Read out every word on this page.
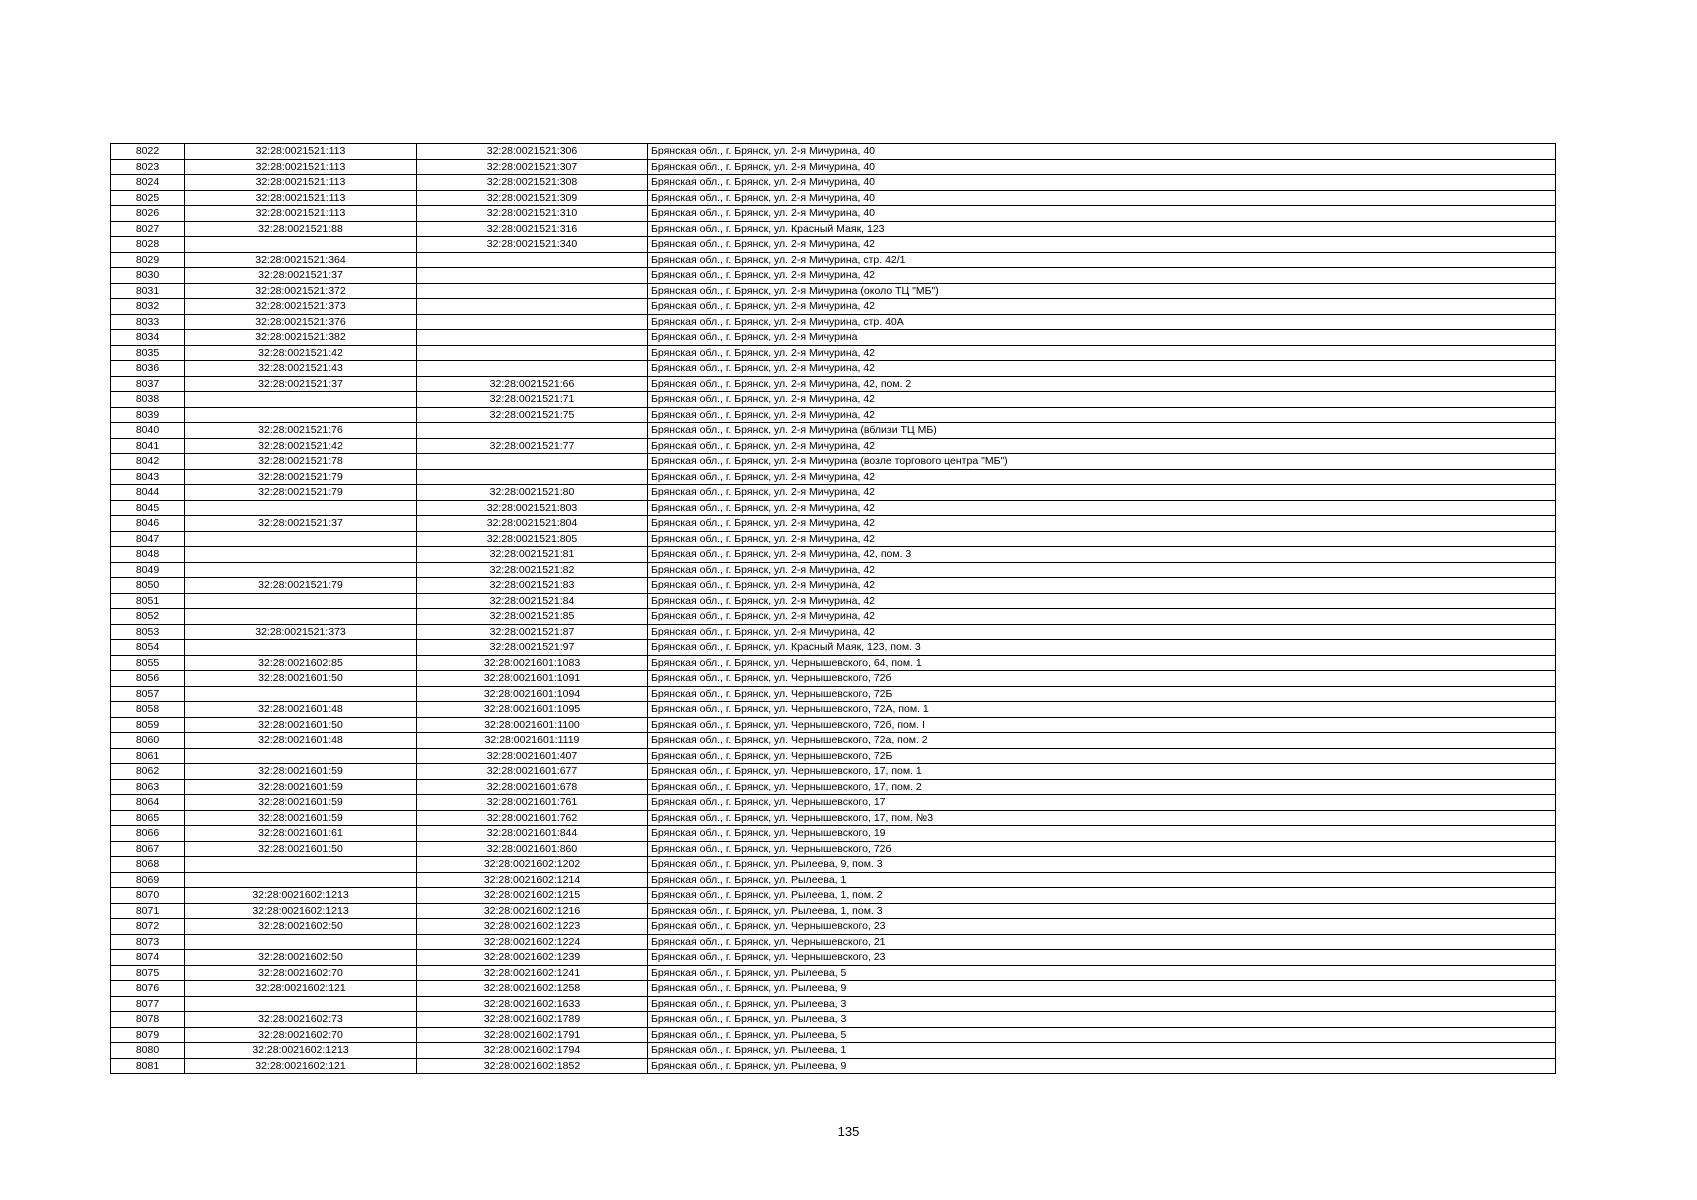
8022	32:28:0021521:113	32:28:0021521:306	Брянская обл., г. Брянск, ул. 2-я Мичурина, 40
8023	32:28:0021521:113	32:28:0021521:307	Брянская обл., г. Брянск, ул. 2-я Мичурина, 40
8024	32:28:0021521:113	32:28:0021521:308	Брянская обл., г. Брянск, ул. 2-я Мичурина, 40
8025	32:28:0021521:113	32:28:0021521:309	Брянская обл., г. Брянск, ул. 2-я Мичурина, 40
8026	32:28:0021521:113	32:28:0021521:310	Брянская обл., г. Брянск, ул. 2-я Мичурина, 40
8027	32:28:0021521:88	32:28:0021521:316	Брянская обл., г. Брянск, ул. Красный Маяк, 123
8028		32:28:0021521:340	Брянская обл., г. Брянск, ул. 2-я Мичурина, 42
8029	32:28:0021521:364		Брянская обл., г. Брянск, ул. 2-я Мичурина, стр. 42/1
8030	32:28:0021521:37		Брянская обл., г. Брянск, ул. 2-я Мичурина, 42
8031	32:28:0021521:372		Брянская обл., г. Брянск, ул. 2-я Мичурина (около ТЦ "МБ")
8032	32:28:0021521:373		Брянская обл., г. Брянск, ул. 2-я Мичурина, 42
8033	32:28:0021521:376		Брянская обл., г. Брянск, ул. 2-я Мичурина, стр. 40А
8034	32:28:0021521:382		Брянская обл., г. Брянск, ул. 2-я Мичурина
8035	32:28:0021521:42		Брянская обл., г. Брянск, ул. 2-я Мичурина, 42
8036	32:28:0021521:43		Брянская обл., г. Брянск, ул. 2-я Мичурина, 42
8037	32:28:0021521:37	32:28:0021521:66	Брянская обл., г. Брянск, ул. 2-я Мичурина, 42, пом. 2
8038		32:28:0021521:71	Брянская обл., г. Брянск, ул. 2-я Мичурина, 42
8039		32:28:0021521:75	Брянская обл., г. Брянск, ул. 2-я Мичурина, 42
8040	32:28:0021521:76		Брянская обл., г. Брянск, ул. 2-я Мичурина (вблизи ТЦ МБ)
8041	32:28:0021521:42	32:28:0021521:77	Брянская обл., г. Брянск, ул. 2-я Мичурина, 42
8042	32:28:0021521:78		Брянская обл., г. Брянск, ул. 2-я Мичурина (возле торгового центра "МБ")
8043	32:28:0021521:79		Брянская обл., г. Брянск, ул. 2-я Мичурина, 42
8044	32:28:0021521:79	32:28:0021521:80	Брянская обл., г. Брянск, ул. 2-я Мичурина, 42
8045		32:28:0021521:803	Брянская обл., г. Брянск, ул. 2-я Мичурина, 42
8046	32:28:0021521:37	32:28:0021521:804	Брянская обл., г. Брянск, ул. 2-я Мичурина, 42
8047		32:28:0021521:805	Брянская обл., г. Брянск, ул. 2-я Мичурина, 42
8048		32:28:0021521:81	Брянская обл., г. Брянск, ул. 2-я Мичурина, 42, пом. 3
8049		32:28:0021521:82	Брянская обл., г. Брянск, ул. 2-я Мичурина, 42
8050	32:28:0021521:79	32:28:0021521:83	Брянская обл., г. Брянск, ул. 2-я Мичурина, 42
8051		32:28:0021521:84	Брянская обл., г. Брянск, ул. 2-я Мичурина, 42
8052		32:28:0021521:85	Брянская обл., г. Брянск, ул. 2-я Мичурина, 42
8053	32:28:0021521:373	32:28:0021521:87	Брянская обл., г. Брянск, ул. 2-я Мичурина, 42
8054		32:28:0021521:97	Брянская обл., г. Брянск, ул. Красный Маяк, 123, пом. 3
8055	32:28:0021602:85	32:28:0021601:1083	Брянская обл., г. Брянск, ул. Чернышевского, 64, пом. 1
8056	32:28:0021601:50	32:28:0021601:1091	Брянская обл., г. Брянск, ул. Чернышевского, 72б
8057		32:28:0021601:1094	Брянская обл., г. Брянск, ул. Чернышевского, 72Б
8058	32:28:0021601:48	32:28:0021601:1095	Брянская обл., г. Брянск, ул. Чернышевского, 72А, пом. 1
8059	32:28:0021601:50	32:28:0021601:1100	Брянская обл., г. Брянск, ул. Чернышевского, 72б, пом. I
8060	32:28:0021601:48	32:28:0021601:1119	Брянская обл., г. Брянск, ул. Чернышевского, 72а, пом. 2
8061		32:28:0021601:407	Брянская обл., г. Брянск, ул. Чернышевского, 72Б
8062	32:28:0021601:59	32:28:0021601:677	Брянская обл., г. Брянск, ул. Чернышевского, 17, пом. 1
8063	32:28:0021601:59	32:28:0021601:678	Брянская обл., г. Брянск, ул. Чернышевского, 17, пом. 2
8064	32:28:0021601:59	32:28:0021601:761	Брянская обл., г. Брянск, ул. Чернышевского, 17
8065	32:28:0021601:59	32:28:0021601:762	Брянская обл., г. Брянск, ул. Чернышевского, 17, пом. №3
8066	32:28:0021601:61	32:28:0021601:844	Брянская обл., г. Брянск, ул. Чернышевского, 19
8067	32:28:0021601:50	32:28:0021601:860	Брянская обл., г. Брянск, ул. Чернышевского, 72б
8068		32:28:0021602:1202	Брянская обл., г. Брянск, ул. Рылеева, 9, пом. 3
8069		32:28:0021602:1214	Брянская обл., г. Брянск, ул. Рылеева, 1
8070	32:28:0021602:1213	32:28:0021602:1215	Брянская обл., г. Брянск, ул. Рылеева, 1, пом. 2
8071	32:28:0021602:1213	32:28:0021602:1216	Брянская обл., г. Брянск, ул. Рылеева, 1, пом. 3
8072	32:28:0021602:50	32:28:0021602:1223	Брянская обл., г. Брянск, ул. Чернышевского, 23
8073		32:28:0021602:1224	Брянская обл., г. Брянск, ул. Чернышевского, 21
8074	32:28:0021602:50	32:28:0021602:1239	Брянская обл., г. Брянск, ул. Чернышевского, 23
8075	32:28:0021602:70	32:28:0021602:1241	Брянская обл., г. Брянск, ул. Рылеева, 5
8076	32:28:0021602:121	32:28:0021602:1258	Брянская обл., г. Брянск, ул. Рылеева, 9
8077		32:28:0021602:1633	Брянская обл., г. Брянск, ул. Рылеева, 3
8078	32:28:0021602:73	32:28:0021602:1789	Брянская обл., г. Брянск, ул. Рылеева, 3
8079	32:28:0021602:70	32:28:0021602:1791	Брянская обл., г. Брянск, ул. Рылеева, 5
8080	32:28:0021602:1213	32:28:0021602:1794	Брянская обл., г. Брянск, ул. Рылеева, 1
8081	32:28:0021602:121	32:28:0021602:1852	Брянская обл., г. Брянск, ул. Рылеева, 9
135
